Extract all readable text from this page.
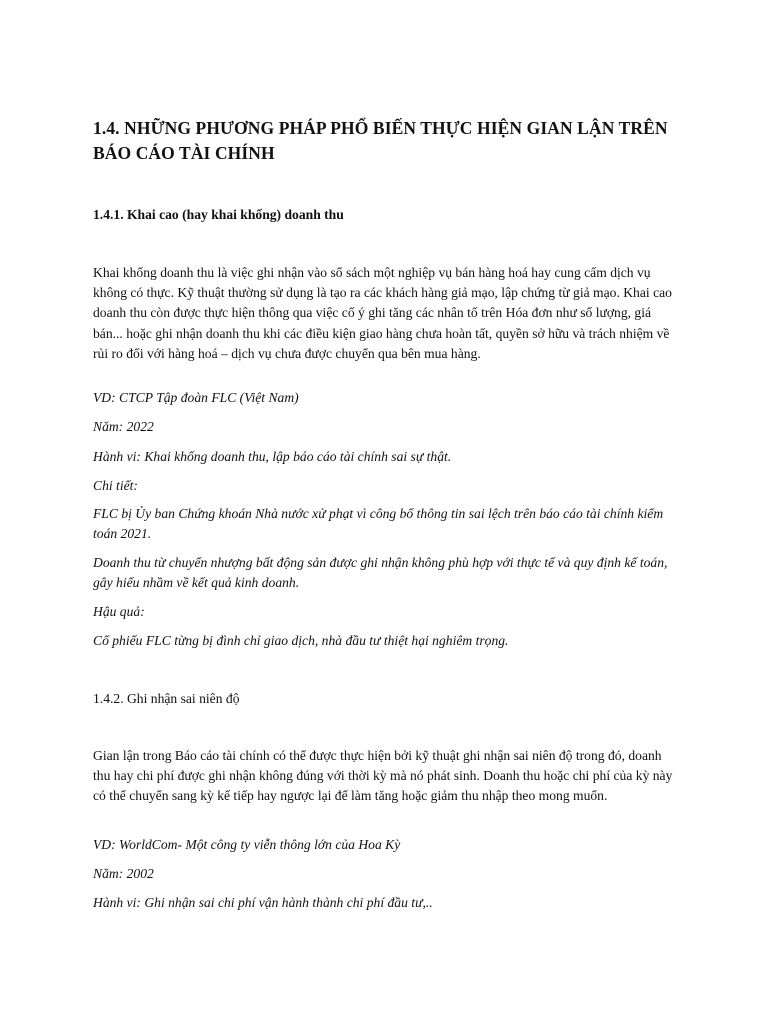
1.4. NHỮNG PHƯƠNG PHÁP PHỔ BIẾN THỰC HIỆN GIAN LẬN TRÊN BÁO CÁO TÀI CHÍNH
1.4.1. Khai cao (hay khai khống) doanh thu

Khai khống doanh thu là việc ghi nhận vào sổ sách một nghiệp vụ bán hàng hoá hay cung cấm dịch vụ không có thực. Kỹ thuật thường sử dụng là tạo ra các khách hàng giả mạo, lập chứng từ giả mạo. Khai cao doanh thu còn được thực hiện thông qua việc cố ý ghi tăng các nhân tố trên Hóa đơn như số lượng, giá bán... hoặc ghi nhận doanh thu khi các điều kiện giao hàng chưa hoàn tất, quyền sở hữu và trách nhiệm về rủi ro đối với hàng hoá – dịch vụ chưa được chuyển qua bên mua hàng.

VD: CTCP Tập đoàn FLC (Việt Nam)

Năm: 2022

Hành vi: Khai khống doanh thu, lập báo cáo tài chính sai sự thật.

Chi tiết:

FLC bị Ủy ban Chứng khoán Nhà nước xử phạt vì công bố thông tin sai lệch trên báo cáo tài chính kiểm toán 2021.

Doanh thu từ chuyển nhượng bất động sản được ghi nhận không phù hợp với thực tế và quy định kế toán, gây hiểu nhầm về kết quả kinh doanh.

Hậu quả:

Cổ phiếu FLC từng bị đình chỉ giao dịch, nhà đầu tư thiệt hại nghiêm trọng.

1.4.2. Ghi nhận sai niên độ

Gian lận trong Báo cáo tài chính có thể được thực hiện bởi kỹ thuật ghi nhận sai niên độ trong đó, doanh thu hay chi phí được ghi nhận không đúng với thời kỳ mà nó phát sinh. Doanh thu hoặc chi phí của kỳ này có thể chuyển sang kỳ kế tiếp hay ngược lại để làm tăng hoặc giảm thu nhập theo mong muốn.

VD: WorldCom- Một công ty viễn thông lớn của Hoa Kỳ

Năm: 2002

Hành vi: Ghi nhận sai chi phí vận hành thành chi phí đầu tư,..
